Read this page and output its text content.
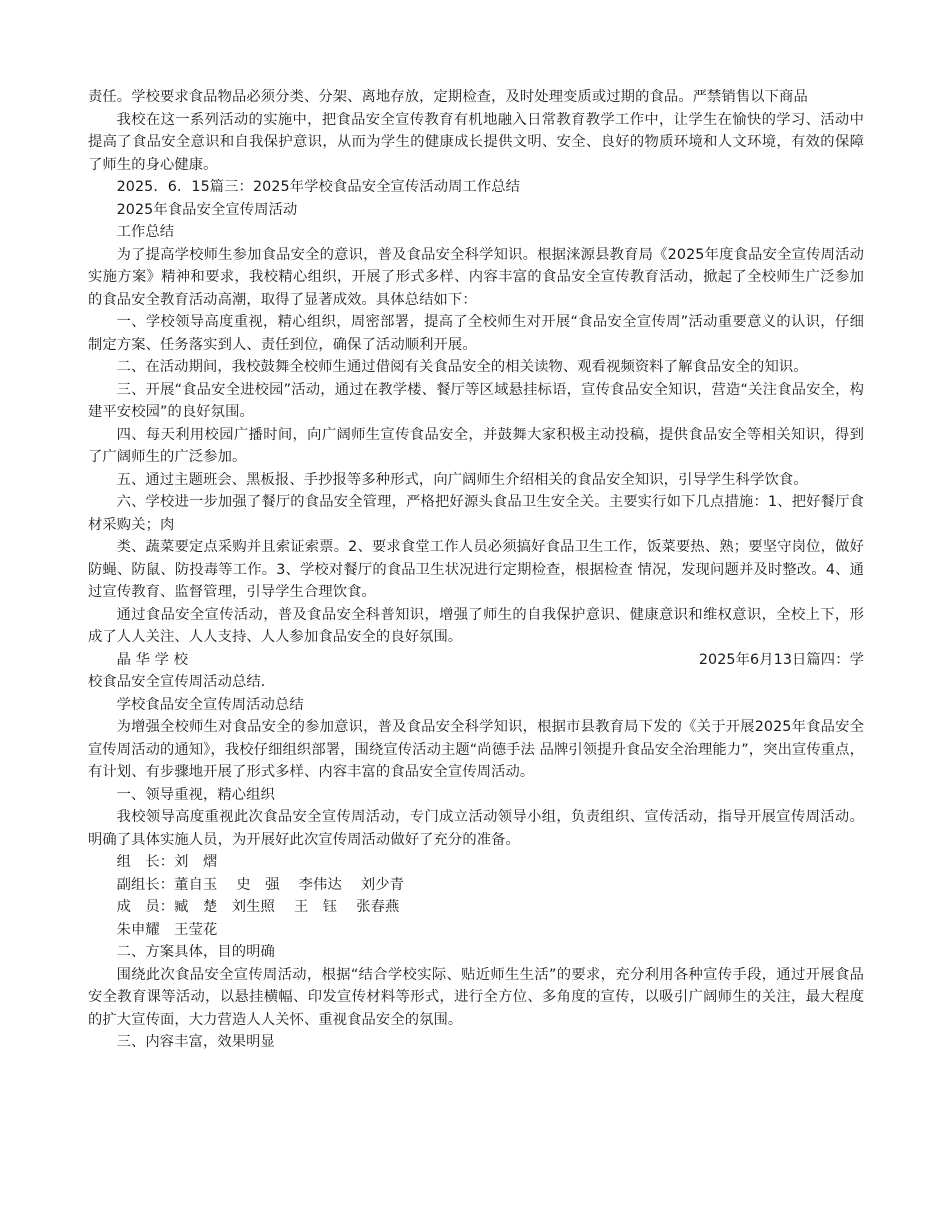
责任。学校要求食品物品必须分类、分架、离地存放，定期检查，及时处理变质或过期的食品。严禁销售以下商品

我校在这一系列活动的实施中，把食品安全宣传教育有机地融入日常教育教学工作中，让学生在愉快的学习、活动中提高了食品安全意识和自我保护意识，从而为学生的健康成长提供文明、安全、良好的物质环境和人文环境，有效的保障了师生的身心健康。

2025．6．15篇三：2025年学校食品安全宣传活动周工作总结

2025年食品安全宣传周活动

工作总结

为了提高学校师生参加食品安全的意识，普及食品安全科学知识。根据涞源县教育局《2025年度食品安全宣传周活动实施方案》精神和要求，我校精心组织，开展了形式多样、内容丰富的食品安全宣传教育活动，掀起了全校师生广泛参加的食品安全教育活动高潮，取得了显著成效。具体总结如下：

一、学校领导高度重视，精心组织，周密部署，提高了全校师生对开展“食品安全宣传周”活动重要意义的认识，仔细制定方案、任务落实到人、责任到位，确保了活动顺利开展。

二、在活动期间，我校鼓舞全校师生通过借阅有关食品安全的相关读物、观看视频资料了解食品安全的知识。

三、开展“食品安全进校园”活动，通过在教学楼、餐厅等区域悬挂标语，宣传食品安全知识，营造“关注食品安全，构建平安校园”的良好氛围。

四、每天利用校园广播时间，向广阔师生宣传食品安全，并鼓舞大家积极主动投稿，提供食品安全等相关知识，得到了广阔师生的广泛参加。

五、通过主题班会、黑板报、手抄报等多种形式，向广阔师生介绍相关的食品安全知识，引导学生科学饮食。

六、学校进一步加强了餐厅的食品安全管理，严格把好源头食品卫生安全关。主要实行如下几点措施：1、把好餐厅食材采购关；肉

类、蔬菜要定点采购并且索证索票。2、要求食堂工作人员必须搞好食品卫生工作，饭菜要热、熟；要坚守岗位，做好防蝇、防鼠、防投毒等工作。3、学校对餐厅的食品卫生状况进行定期检查，根据检查 情况，发现问题并及时整改。4、通过宣传教育、监督管理，引导学生合理饮食。

通过食品安全宣传活动，普及食品安全科普知识，增强了师生的自我保护意识、健康意识和维权意识，全校上下，形成了人人关注、人人支持、人人参加食品安全的良好氛围。

晶 华 学 校	2025年6月13日篇四：学

校食品安全宣传周活动总结．

学校食品安全宣传周活动总结

为增强全校师生对食品安全的参加意识，普及食品安全科学知识，根据市县教育局下发的《关于开展2025年食品安全宣传周活动的通知》，我校仔细组织部署，围绕宣传活动主题“尚德手法 品牌引领提升食品安全治理能力”，突出宣传重点，有计划、有步骤地开展了形式多样、内容丰富的食品安全宣传周活动。

一、领导重视，精心组织

我校领导高度重视此次食品安全宣传周活动，专门成立活动领导小组，负责组织、宣传活动，指导开展宣传周活动。明确了具体实施人员，为开展好此次宣传周活动做好了充分的准备。

组　长：刘　熠

副组长：董自玉　 史　强　 李伟达　 刘少青

成　员：臧　楚　刘生照　 王　钰　 张春燕

朱申耀　王莹花

二、方案具体，目的明确

围绕此次食品安全宣传周活动，根据“结合学校实际、贴近师生生活”的要求，充分利用各种宣传手段，通过开展食品安全教育课等活动，以悬挂横幅、印发宣传材料等形式，进行全方位、多角度的宣传，以吸引广阔师生的关注，最大程度的扩大宣传面，大力营造人人关怀、重视食品安全的氛围。

三、内容丰富，效果明显
